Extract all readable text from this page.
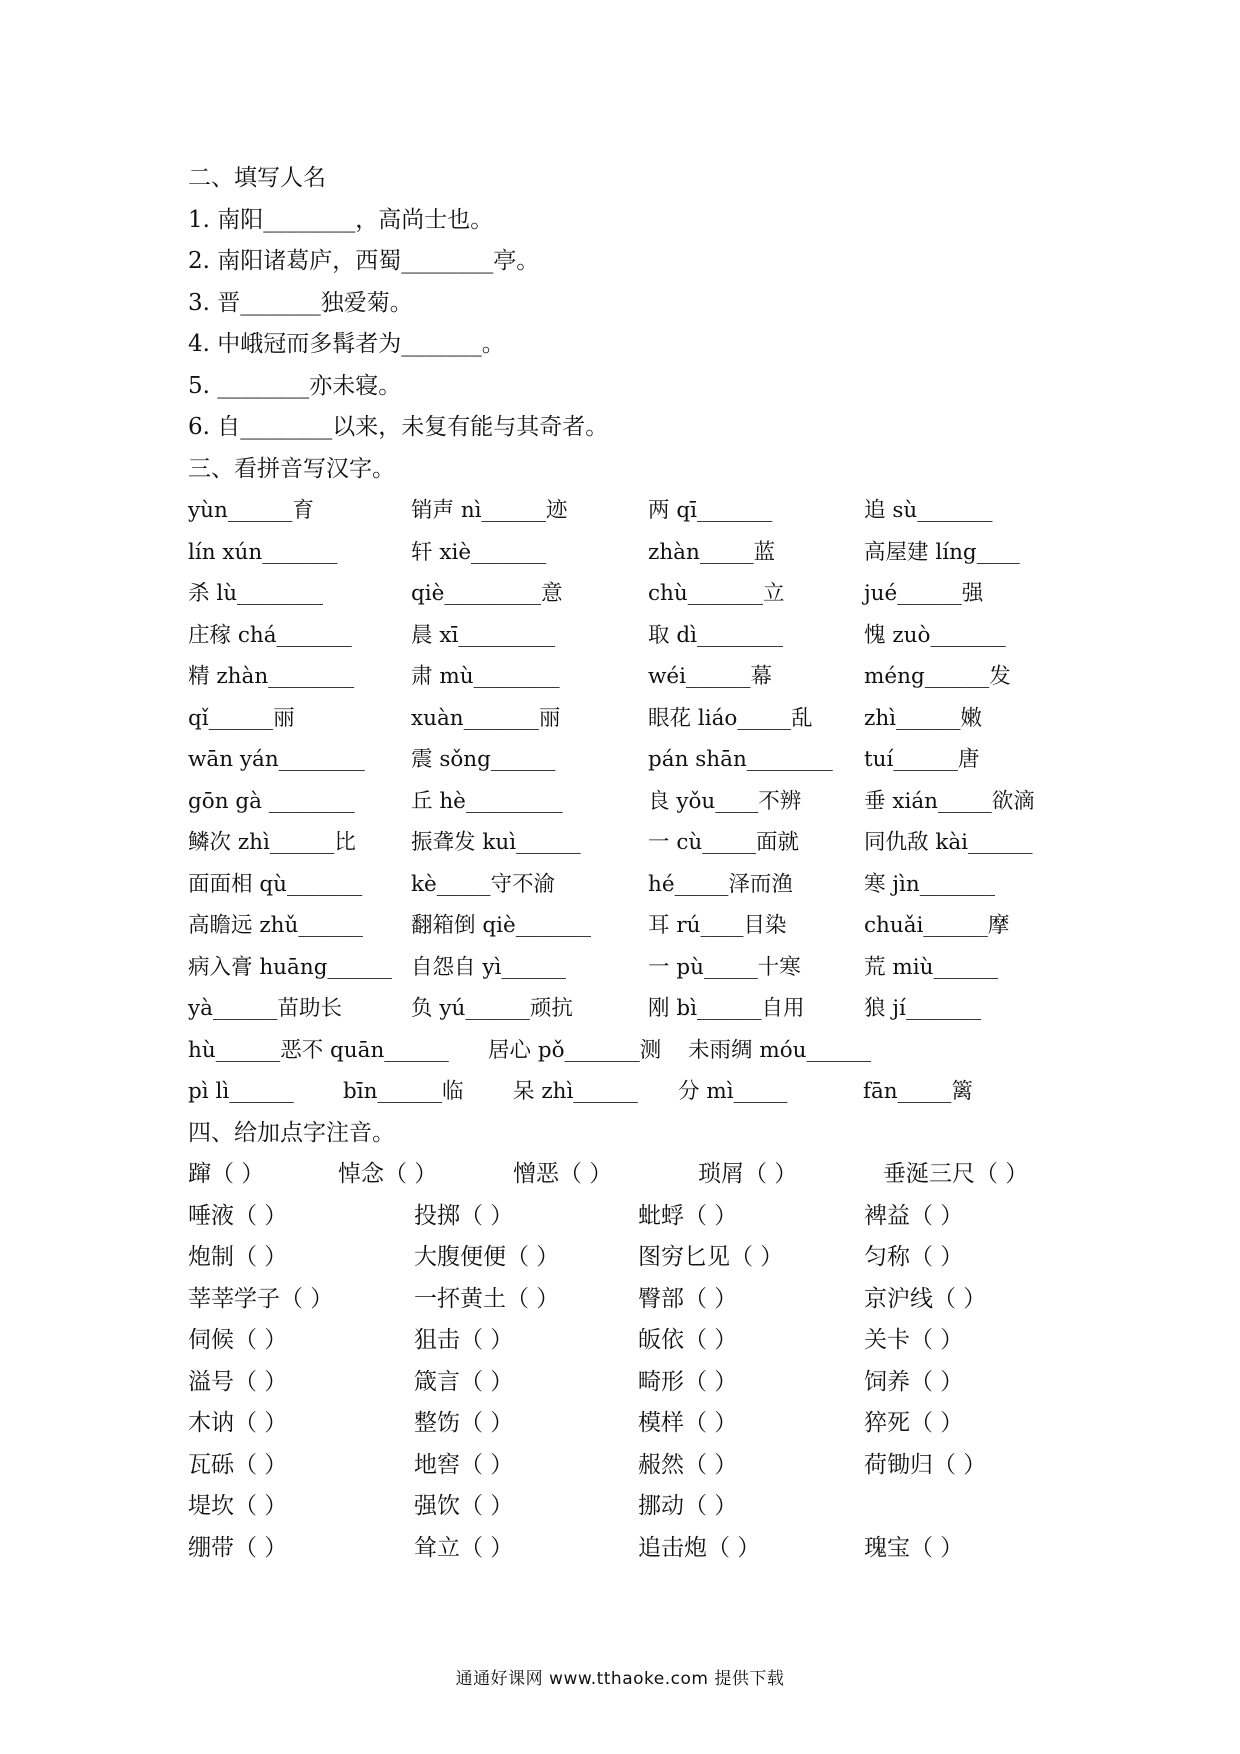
二、填写人名
1. 南阳________，高尚士也。
2. 南阳诸葛庐，西蜀________亭。
3. 晋_______独爱菊。
4. 中峨冠而多髯者为_______。
5. ________亦未寝。
6. 自________以来，未复有能与其奇者。
三、看拼音写汉字。
yùn______育	销声 nì______迹	两 qī_______	追 sù_______
lín xún_______	轩 xiè_______	zhàn_____蓝	高屋建 líng____
杀 lù________	qiè_________意	chù_______立	jué______强
庄稼 chá_______	晨 xī_________	取 dì________	愧 zuò_______
精 zhàn________	肃 mù________	wéi______幕	méng______发
qǐ______丽	xuàn_______丽	眼花 liáo_____乱	zhì______嫩
wān yán________	震 sǒng______	pán shān________	tuí______唐
gōn gà ________	丘 hè_________	良 yǒu____不辨	垂 xián_____欲滴
鳞次 zhì______比	振聋发 kuì______	一 cù_____面就	同仇敌 kài______
面面相 qù_______	kè_____守不渝	hé_____泽而渔	寒 jìn_______
高瞻远 zhǔ______	翻箱倒 qiè_______	耳 rú____目染	chuǎi______摩
病入膏 huāng______ 自怨自 yì______	一 pù_____十寒	荒 miù______
yà______苗助长	负 yú______顽抗	刚 bì______自用	狼 jí_______
hù______恶不 quān______	居心 pǒ_______测	未雨绸 móu______
pì lì______	bīn______临	呆 zhì______	分 mì_____	fān_____篱
四、给加点字注音。
蹿（ ）	悼念（ ）	憎恶（ ）	琐屑（ ）	垂涎三尺（ ）
唾液（ ）	投掷（ ）	蚍蜉（ ）	裨益（ ）
炮制（ ）	大腹便便（ ）	图穷匕见（ ）	匀称（ ）
莘莘学子（ ）	一抔黄土（ ）	臀部（ ）	京沪线（ ）
伺候（ ）	狙击（ ）	皈依（ ）	关卡（ ）
溢号（ ）	箴言（ ）	畸形（ ）	饲养（ ）
木讷（ ）	整饬（ ）	模样（ ）	猝死（ ）
瓦砾（ ）	地窖（ ）	赧然（ ）	荷锄归（ ）
堤坎（ ）	强饮（ ）	挪动（ ）
绷带（ ）	耸立（ ）	追击炮（ ）	瑰宝（ ）
通通好课网 www.tthaoke.com 提供下载
